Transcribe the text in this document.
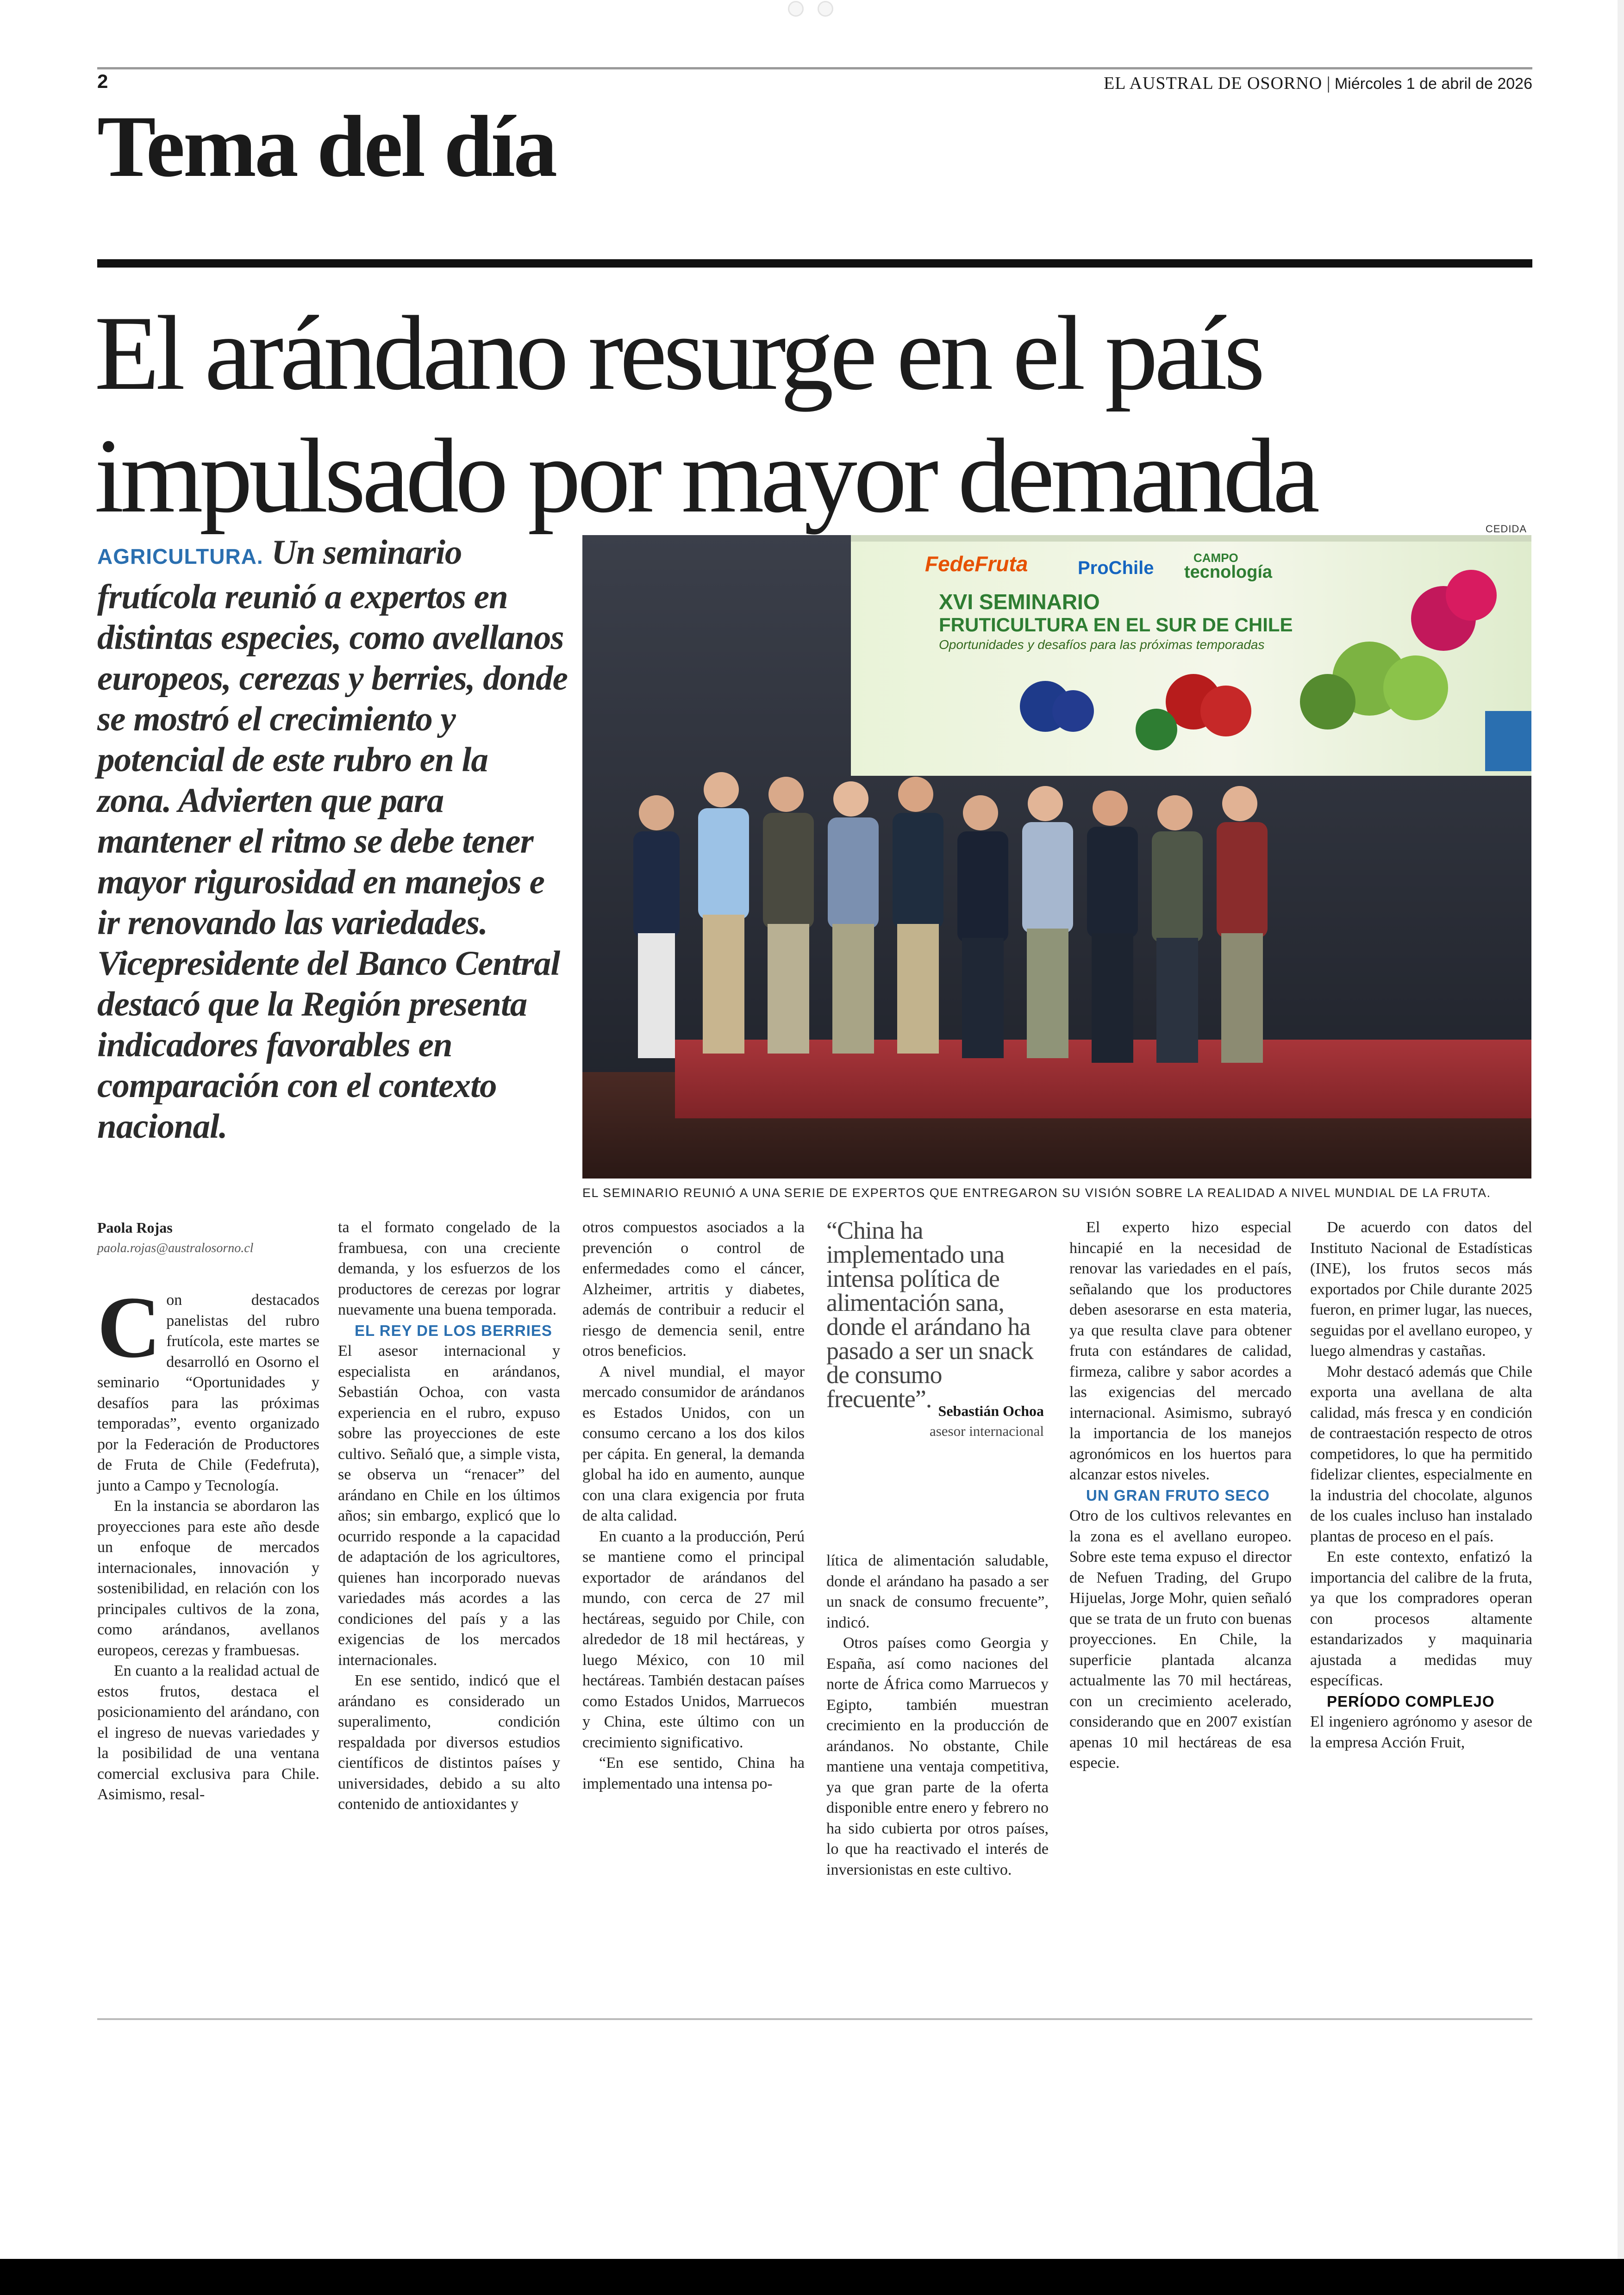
2	EL AUSTRAL DE OSORNO | Miércoles 1 de abril de 2026
Tema del día
El arándano resurge en el país impulsado por mayor demanda	CEDIDA
AGRICULTURA. Un seminario frutícola reunió a expertos en distintas especies, como avellanos europeos, cerezas y berries, donde se mostró el crecimiento y potencial de este rubro en la zona. Advierten que para mantener el ritmo se debe tener mayor rigurosidad en manejos e ir renovando las variedades. Vicepresidente del Banco Central destacó que la Región presenta indicadores favorables en comparación con el contexto nacional.
FedeFruta	ProChile	CAMPO
tecnología
XVI SEMINARIO
FRUTICULTURA EN EL SUR DE CHILE
Oportunidades y desafíos para las próximas temporadas
EL SEMINARIO REUNIÓ A UNA SERIE DE EXPERTOS QUE ENTREGARON SU VISIÓN SOBRE LA REALIDAD A NIVEL MUNDIAL DE LA FRUTA.
Paola Rojas
paola.rojas@australosorno.cl

Con destacados panelistas del rubro frutícola, este martes se desarrolló en Osorno el seminario “Oportunidades y desafíos para las próximas temporadas”, evento organizado por la Federación de Productores de Fruta de Chile (Fedefruta), junto a Campo y Tecnología.

En la instancia se abordaron las proyecciones para este año desde un enfoque de mercados internacionales, innovación y sostenibilidad, en relación con los principales cultivos de la zona, como arándanos, avellanos europeos, cerezas y frambuesas.

En cuanto a la realidad actual de estos frutos, destaca el posicionamiento del arándano, con el ingreso de nuevas variedades y la posibilidad de una ventana comercial exclusiva para Chile. Asimismo, resal-

ta el formato congelado de la frambuesa, con una creciente demanda, y los esfuerzos de los productores de cerezas por lograr nuevamente una buena temporada.

EL REY DE LOS BERRIES

El asesor internacional y especialista en arándanos, Sebastián Ochoa, con vasta experiencia en el rubro, expuso sobre las proyecciones de este cultivo. Señaló que, a simple vista, se observa un “renacer” del arándano en Chile en los últimos años; sin embargo, explicó que lo ocurrido responde a la capacidad de adaptación de los agricultores, quienes han incorporado nuevas variedades más acordes a las condiciones del país y a las exigencias de los mercados internacionales.

En ese sentido, indicó que el arándano es considerado un superalimento, condición respaldada por diversos estudios científicos de distintos países y universidades, debido a su alto contenido de antioxidantes y

otros compuestos asociados a la prevención o control de enfermedades como el cáncer, Alzheimer, artritis y diabetes, además de contribuir a reducir el riesgo de demencia senil, entre otros beneficios.

A nivel mundial, el mayor mercado consumidor de arándanos es Estados Unidos, con un consumo cercano a los dos kilos per cápita. En general, la demanda global ha ido en aumento, aunque con una clara exigencia por fruta de alta calidad.

En cuanto a la producción, Perú se mantiene como el principal exportador de arándanos del mundo, con cerca de 27 mil hectáreas, seguido por Chile, con alrededor de 18 mil hectáreas, y luego México, con 10 mil hectáreas. También destacan países como Estados Unidos, Marruecos y China, este último con un crecimiento significativo.

“En ese sentido, China ha implementado una intensa po-

“China ha implementado una intensa política de alimentación sana, donde el arándano ha pasado a ser un snack de consumo frecuente”. Sebastián Ochoa
asesor internacional

lítica de alimentación saludable, donde el arándano ha pasado a ser un snack de consumo frecuente”, indicó.

Otros países como Georgia y España, así como naciones del norte de África como Marruecos y Egipto, también muestran crecimiento en la producción de arándanos. No obstante, Chile mantiene una ventaja competitiva, ya que gran parte de la oferta disponible entre enero y febrero no ha sido cubierta por otros países, lo que ha reactivado el interés de inversionistas en este cultivo.

El experto hizo especial hincapié en la necesidad de renovar las variedades en el país, señalando que los productores deben asesorarse en esta materia, ya que resulta clave para obtener fruta con estándares de calidad, firmeza, calibre y sabor acordes a las exigencias del mercado internacional. Asimismo, subrayó la importancia de los manejos agronómicos en los huertos para alcanzar estos niveles.

UN GRAN FRUTO SECO

Otro de los cultivos relevantes en la zona es el avellano europeo. Sobre este tema expuso el director de Nefuen Trading, del Grupo Hijuelas, Jorge Mohr, quien señaló que se trata de un fruto con buenas proyecciones. En Chile, la superficie plantada alcanza actualmente las 70 mil hectáreas, con un crecimiento acelerado, considerando que en 2007 existían apenas 10 mil hectáreas de esa especie.

De acuerdo con datos del Instituto Nacional de Estadísticas (INE), los frutos secos más exportados por Chile durante 2025 fueron, en primer lugar, las nueces, seguidas por el avellano europeo, y luego almendras y castañas.

Mohr destacó además que Chile exporta una avellana de alta calidad, más fresca y en condición de contraestación respecto de otros competidores, lo que ha permitido fidelizar clientes, especialmente en la industria del chocolate, algunos de los cuales incluso han instalado plantas de proceso en el país.

En este contexto, enfatizó la importancia del calibre de la fruta, ya que los compradores operan con procesos altamente estandarizados y maquinaria ajustada a medidas muy específicas.

PERÍODO COMPLEJO

El ingeniero agrónomo y asesor de la empresa Acción Fruit,
